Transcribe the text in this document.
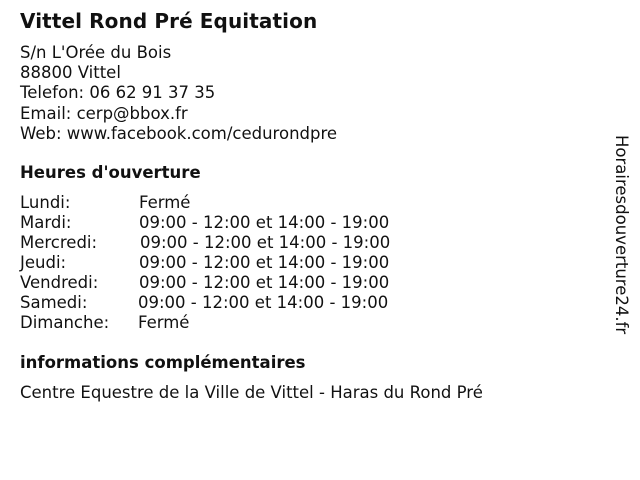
Vittel Rond Pré Equitation
S/n L'Orée du Bois
88800 Vittel
Telefon: 06 62 91 37 35
Email: cerp@bbox.fr
Web: www.facebook.com/cedurondpre
Heures d'ouverture
Lundi:	Fermé
Mardi:	09:00 - 12:00 et 14:00 - 19:00
Mercredi:	09:00 - 12:00 et 14:00 - 19:00
Jeudi:	09:00 - 12:00 et 14:00 - 19:00
Vendredi: 09:00 - 12:00 et 14:00 - 19:00
Samedi:	09:00 - 12:00 et 14:00 - 19:00
Dimanche: Fermé
informations complémentaires
Centre Equestre de la Ville de Vittel - Haras du Rond Pré
Horairesdouverture24.fr
